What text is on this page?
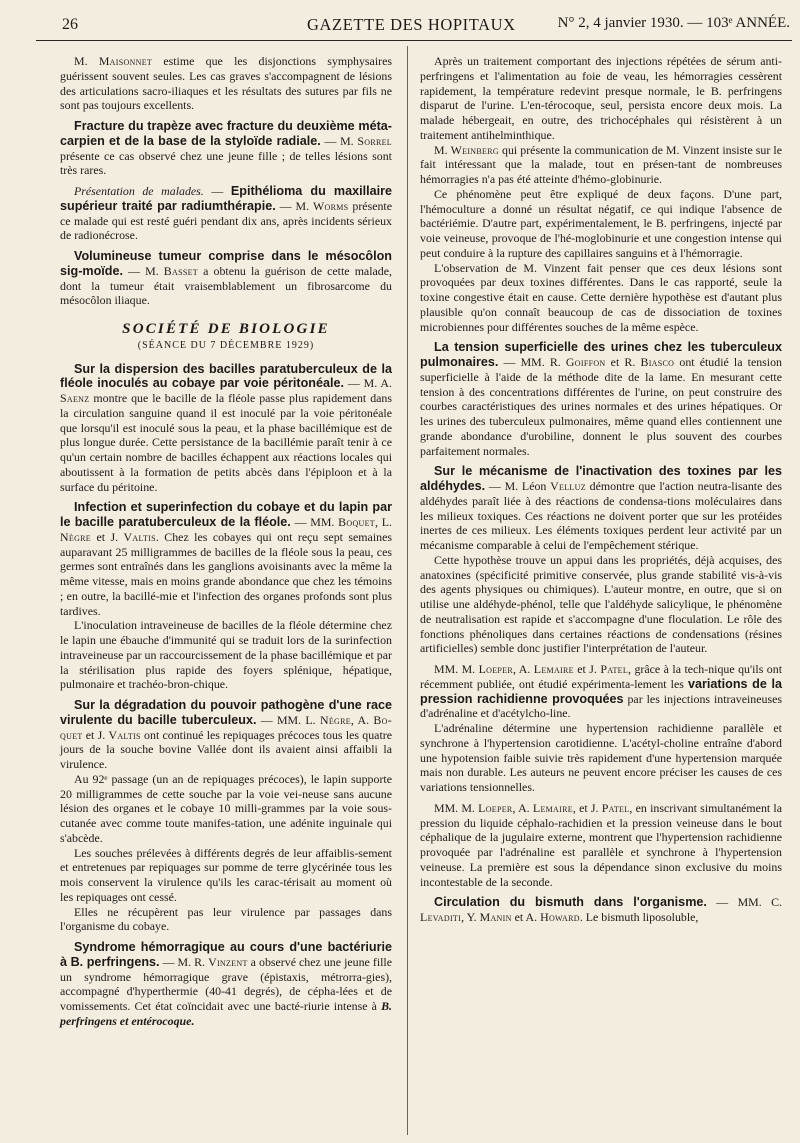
26	GAZETTE DES HOPITAUX	N° 2, 4 janvier 1930. — 103ᵉ ANNÉE.

M. Maisonnet estime que les disjonctions symphysaires guérissent souvent seules. Les cas graves s'accompagnent de lésions des articulations sacro-iliaques et les résultats des sutures par fils ne sont pas toujours excellents.

Fracture du trapèze avec fracture du deuxième méta-carpien et de la base de la styloïde radiale. — M. Sorrel présente ce cas observé chez une jeune fille ; de telles lésions sont très rares.

Présentation de malades. — Epithélioma du maxillaire supérieur traité par radiumthérapie. — M. Worms présente ce malade qui est resté guéri pendant dix ans, après incidents sérieux de radionécrose.

Volumineuse tumeur comprise dans le mésocôlon sig-moïde. — M. Basset a obtenu la guérison de cette malade, dont la tumeur était vraisemblablement un fibrosarcome du mésocôlon iliaque.

SOCIÉTÉ DE BIOLOGIE

(SÉANCE DU 7 DÉCEMBRE 1929)

Sur la dispersion des bacilles paratuberculeux de la fléole inoculés au cobaye par voie péritonéale. — M. A. Saenz montre que le bacille de la fléole passe plus rapidement dans la circulation sanguine quand il est inoculé par la voie péritonéale que lorsqu'il est inoculé sous la peau, et la phase bacillémique est de plus longue durée. Cette persistance de la bacillémie paraît tenir à ce qu'un certain nombre de bacilles échappent aux réactions locales qui aboutissent à la formation de petits abcès dans l'épiploon et à la surface du péritoine.

Infection et superinfection du cobaye et du lapin par le bacille paratuberculeux de la fléole. — MM. Boquet, L. Nègre et J. Valtis. Chez les cobayes qui ont reçu sept semaines auparavant 25 milligrammes de bacilles de la fléole sous la peau, ces germes sont entraînés dans les ganglions avoisinants avec la même la même vitesse, mais en moins grande abondance que chez les témoins ; en outre, la bacillé-mie et l'infection des organes profonds sont plus tardives.

L'inoculation intraveineuse de bacilles de la fléole détermine chez le lapin une ébauche d'immunité qui se traduit lors de la surinfection intraveineuse par un raccourcissement de la phase bacillémique et par la stérilisation plus rapide des foyers splénique, hépatique, pulmonaire et trachéo-bron-chique.

Sur la dégradation du pouvoir pathogène d'une race virulente du bacille tuberculeux. — MM. L. Nègre, A. Bo-quet et J. Valtis ont continué les repiquages précoces tous les quatre jours de la souche bovine Vallée dont ils avaient ainsi affaibli la virulence.

Au 92ᵉ passage (un an de repiquages précoces), le lapin supporte 20 milligrammes de cette souche par la voie vei-neuse sans aucune lésion des organes et le cobaye 10 milli-grammes par la voie sous-cutanée avec comme toute manifes-tation, une adénite inguinale qui s'abcède.

Les souches prélevées à différents degrés de leur affaiblis-sement et entretenues par repiquages sur pomme de terre glycérinée tous les mois conservent la virulence qu'ils les carac-térisait au moment où les repiquages ont cessé.

Elles ne récupèrent pas leur virulence par passages dans l'organisme du cobaye.

Syndrome hémorragique au cours d'une bactériurie à B. perfringens. — M. R. Vinzent a observé chez une jeune fille un syndrome hémorragique grave (épistaxis, métrorra-gies), accompagné d'hyperthermie (40-41 degrés), de cépha-lées et de vomissements. Cet état coïncidait avec une bacté-riurie intense à B. perfringens et entérocoque.

Après un traitement comportant des injections répétées de sérum anti-perfringens et l'alimentation au foie de veau, les hémorragies cessèrent rapidement, la température redevint presque normale, le B. perfringens disparut de l'urine. L'en-térocoque, seul, persista encore deux mois. La malade hébergeait, en outre, des trichocéphales qui résistèrent à un traitement antihelminthique.

M. Weinberg qui présente la communication de M. Vinzent insiste sur le fait intéressant que la malade, tout en présen-tant de nombreuses hémorragies n'a pas été atteinte d'hémo-globinurie.

Ce phénomène peut être expliqué de deux façons. D'une part, l'hémoculture a donné un résultat négatif, ce qui indique l'absence de bactériémie. D'autre part, expérimentalement, le B. perfringens, injecté par voie veineuse, provoque de l'hé-moglobinurie et une congestion intense qui peut conduire à la rupture des capillaires sanguins et à l'hémorragie.

L'observation de M. Vinzent fait penser que ces deux lésions sont provoquées par deux toxines différentes. Dans le cas rapporté, seule la toxine congestive était en cause. Cette dernière hypothèse est d'autant plus plausible qu'on connaît beaucoup de cas de dissociation de toxines microbiennes pour différentes souches de la même espèce.

La tension superficielle des urines chez les tuberculeux pulmonaires. — MM. R. Goiffon et R. Biasco ont étudié la tension superficielle à l'aide de la méthode dite de la lame. En mesurant cette tension à des concentrations différentes de l'urine, on peut construire des courbes caractéristiques des urines normales et des urines hépatiques. Or les urines des tuberculeux pulmonaires, même quand elles contiennent une grande abondance d'urobiline, donnent le plus souvent des courbes parfaitement normales.

Sur le mécanisme de l'inactivation des toxines par les aldéhydes. — M. Léon Velluz démontre que l'action neutra-lisante des aldéhydes paraît liée à des réactions de condensa-tions moléculaires dans les milieux toxiques. Ces réactions ne doivent porter que sur les protéides inertes de ces milieux. Les éléments toxiques perdent leur activité par un mécanisme comparable à celui de l'empêchement stérique.

Cette hypothèse trouve un appui dans les propriétés, déjà acquises, des anatoxines (spécificité primitive conservée, plus grande stabilité vis-à-vis des agents physiques ou chimiques). L'auteur montre, en outre, que si on utilise une aldéhyde-phénol, telle que l'aldéhyde salicylique, le phénomène de neutralisation est rapide et s'accompagne d'une floculation. Le rôle des fonctions phénoliques dans certaines réactions de condensations (résines artificielles) semble donc justifier l'interprétation de l'auteur.

MM. M. Loeper, A. Lemaire et J. Patel, grâce à la tech-nique qu'ils ont récemment publiée, ont étudié expérimenta-lement les variations de la pression rachidienne provoquées par les injections intraveineuses d'adrénaline et d'acétylcho-line.

L'adrénaline détermine une hypertension rachidienne parallèle et synchrone à l'hypertension carotidienne. L'acétyl-choline entraîne d'abord une hypotension faible suivie très rapidement d'une hypertension marquée mais non durable. Les auteurs ne peuvent encore préciser les causes de ces variations tensionnelles.

MM. M. Loeper, A. Lemaire, et J. Patel, en inscrivant simultanément la pression du liquide céphalo-rachidien et la pression veineuse dans le bout céphalique de la jugulaire externe, montrent que l'hypertension rachidienne provoquée par l'adrénaline est parallèle et synchrone à l'hypertension veineuse. La première est sous la dépendance sinon exclusive du moins incontestable de la seconde.

Circulation du bismuth dans l'organisme. — MM. C. Levaditi, Y. Manin et A. Howard. Le bismuth liposoluble,
